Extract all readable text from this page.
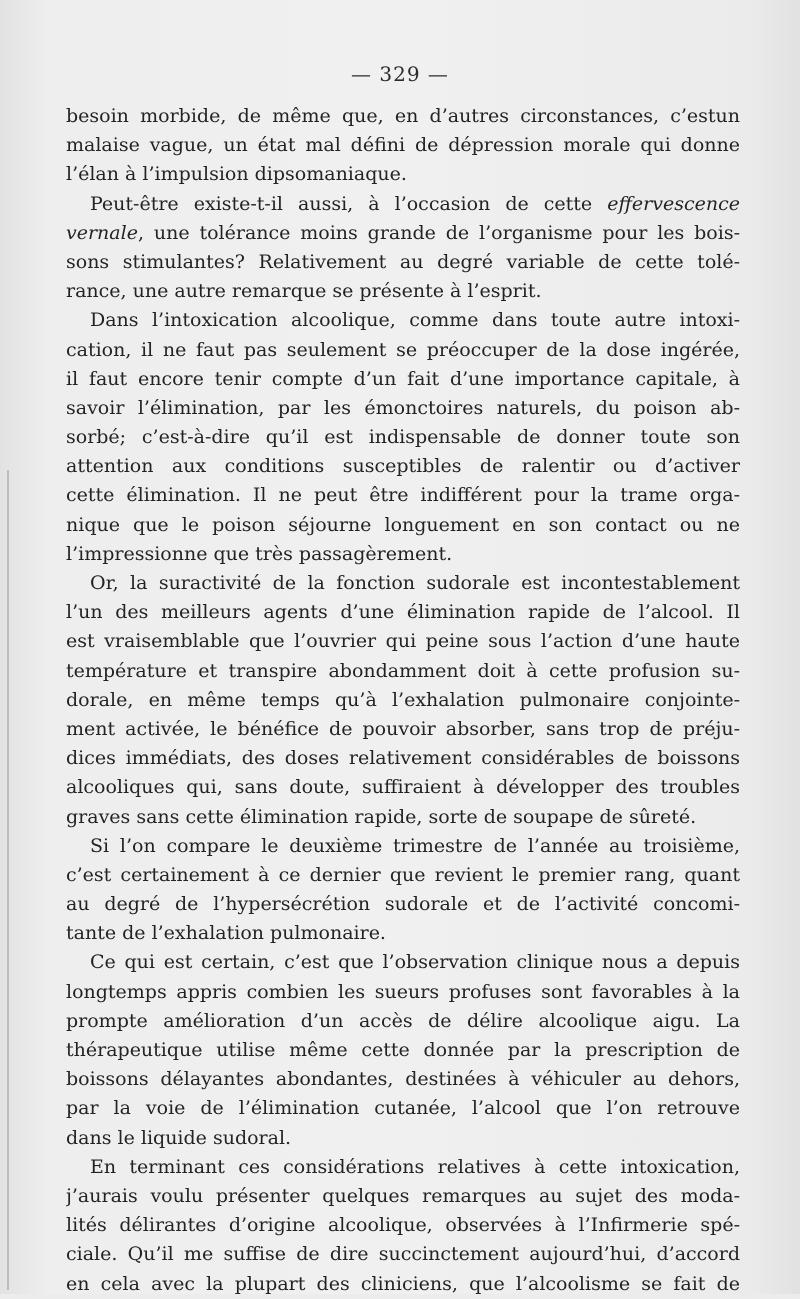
— 329 —
besoin morbide, de même que, en d’autres circonstances, c’estun
malaise vague, un état mal défini de dépression morale qui donne
l’élan à l’impulsion dipsomaniaque.
Peut-être existe-t-il aussi, à l’occasion de cette effervescence
vernale, une tolérance moins grande de l’organisme pour les bois-
sons stimulantes? Relativement au degré variable de cette tolé-
rance, une autre remarque se présente à l’esprit.
Dans l’intoxication alcoolique, comme dans toute autre intoxi-
cation, il ne faut pas seulement se préoccuper de la dose ingérée,
il faut encore tenir compte d’un fait d’une importance capitale, à
savoir l’élimination, par les émonctoires naturels, du poison ab-
sorbé; c’est-à-dire qu’il est indispensable de donner toute son
attention aux conditions susceptibles de ralentir ou d’activer
cette élimination. Il ne peut être indifférent pour la trame orga-
nique que le poison séjourne longuement en son contact ou ne
l’impressionne que très passagèrement.
Or, la suractivité de la fonction sudorale est incontestablement
l’un des meilleurs agents d’une élimination rapide de l’alcool. Il
est vraisemblable que l’ouvrier qui peine sous l’action d’une haute
température et transpire abondamment doit à cette profusion su-
dorale, en même temps qu’à l’exhalation pulmonaire conjointe-
ment activée, le bénéfice de pouvoir absorber, sans trop de préju-
dices immédiats, des doses relativement considérables de boissons
alcooliques qui, sans doute, suffiraient à développer des troubles
graves sans cette élimination rapide, sorte de soupape de sûreté.
Si l’on compare le deuxième trimestre de l’année au troisième,
c’est certainement à ce dernier que revient le premier rang, quant
au degré de l’hypersécrétion sudorale et de l’activité concomi-
tante de l’exhalation pulmonaire.
Ce qui est certain, c’est que l’observation clinique nous a depuis
longtemps appris combien les sueurs profuses sont favorables à la
prompte amélioration d’un accès de délire alcoolique aigu. La
thérapeutique utilise même cette donnée par la prescription de
boissons délayantes abondantes, destinées à véhiculer au dehors,
par la voie de l’élimination cutanée, l’alcool que l’on retrouve
dans le liquide sudoral.
En terminant ces considérations relatives à cette intoxication,
j’aurais voulu présenter quelques remarques au sujet des moda-
lités délirantes d’origine alcoolique, observées à l’Infirmerie spé-
ciale. Qu’il me suffise de dire succinctement aujourd’hui, d’accord
en cela avec la plupart des cliniciens, que l’alcoolisme se fait de
